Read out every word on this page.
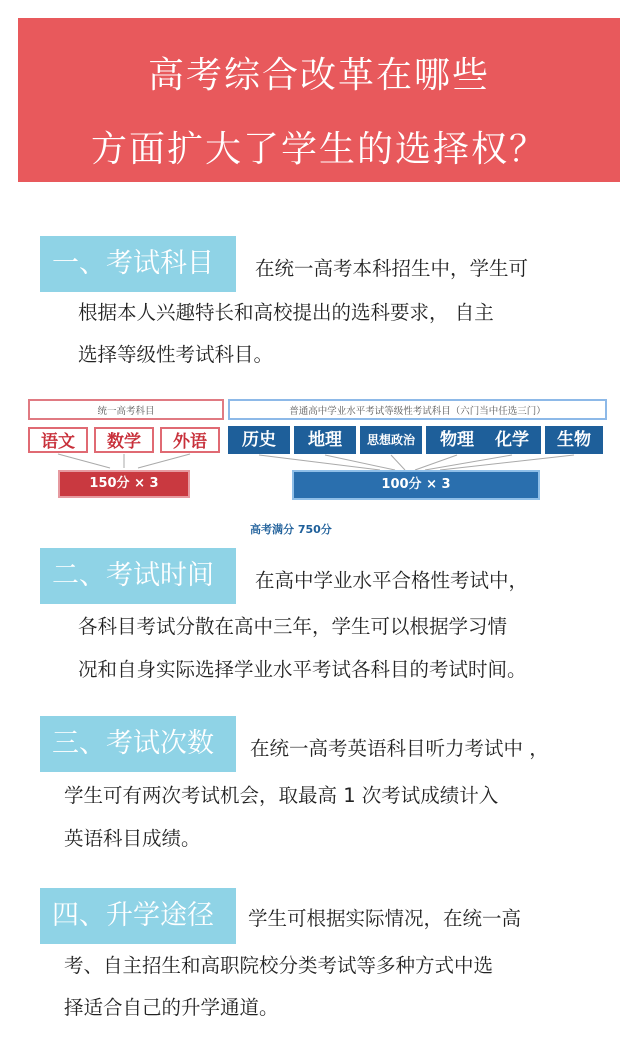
高考综合改革在哪些
方面扩大了学生的选择权？
一、考试科目	在统一高考本科招生中，学生可
根据本人兴趣特长和高校提出的选科要求， 自主
选择等级性考试科目。
统一高考科目	普通高中学业水平考试等级性考试科目（六门当中任选三门）
语文	数学	外语	历史	地理	思想政治	物理	化学	生物
150分 × 3	100分 × 3
高考满分 750分
二、考试时间	在高中学业水平合格性考试中，
各科目考试分散在高中三年，学生可以根据学习情
况和自身实际选择学业水平考试各科目的考试时间。
三、考试次数	在统一高考英语科目听力考试中 ，
学生可有两次考试机会，取最高 1 次考试成绩计入
英语科目成绩。
四、升学途径	学生可根据实际情况，在统一高
考、自主招生和高职院校分类考试等多种方式中选
择适合自己的升学通道。
